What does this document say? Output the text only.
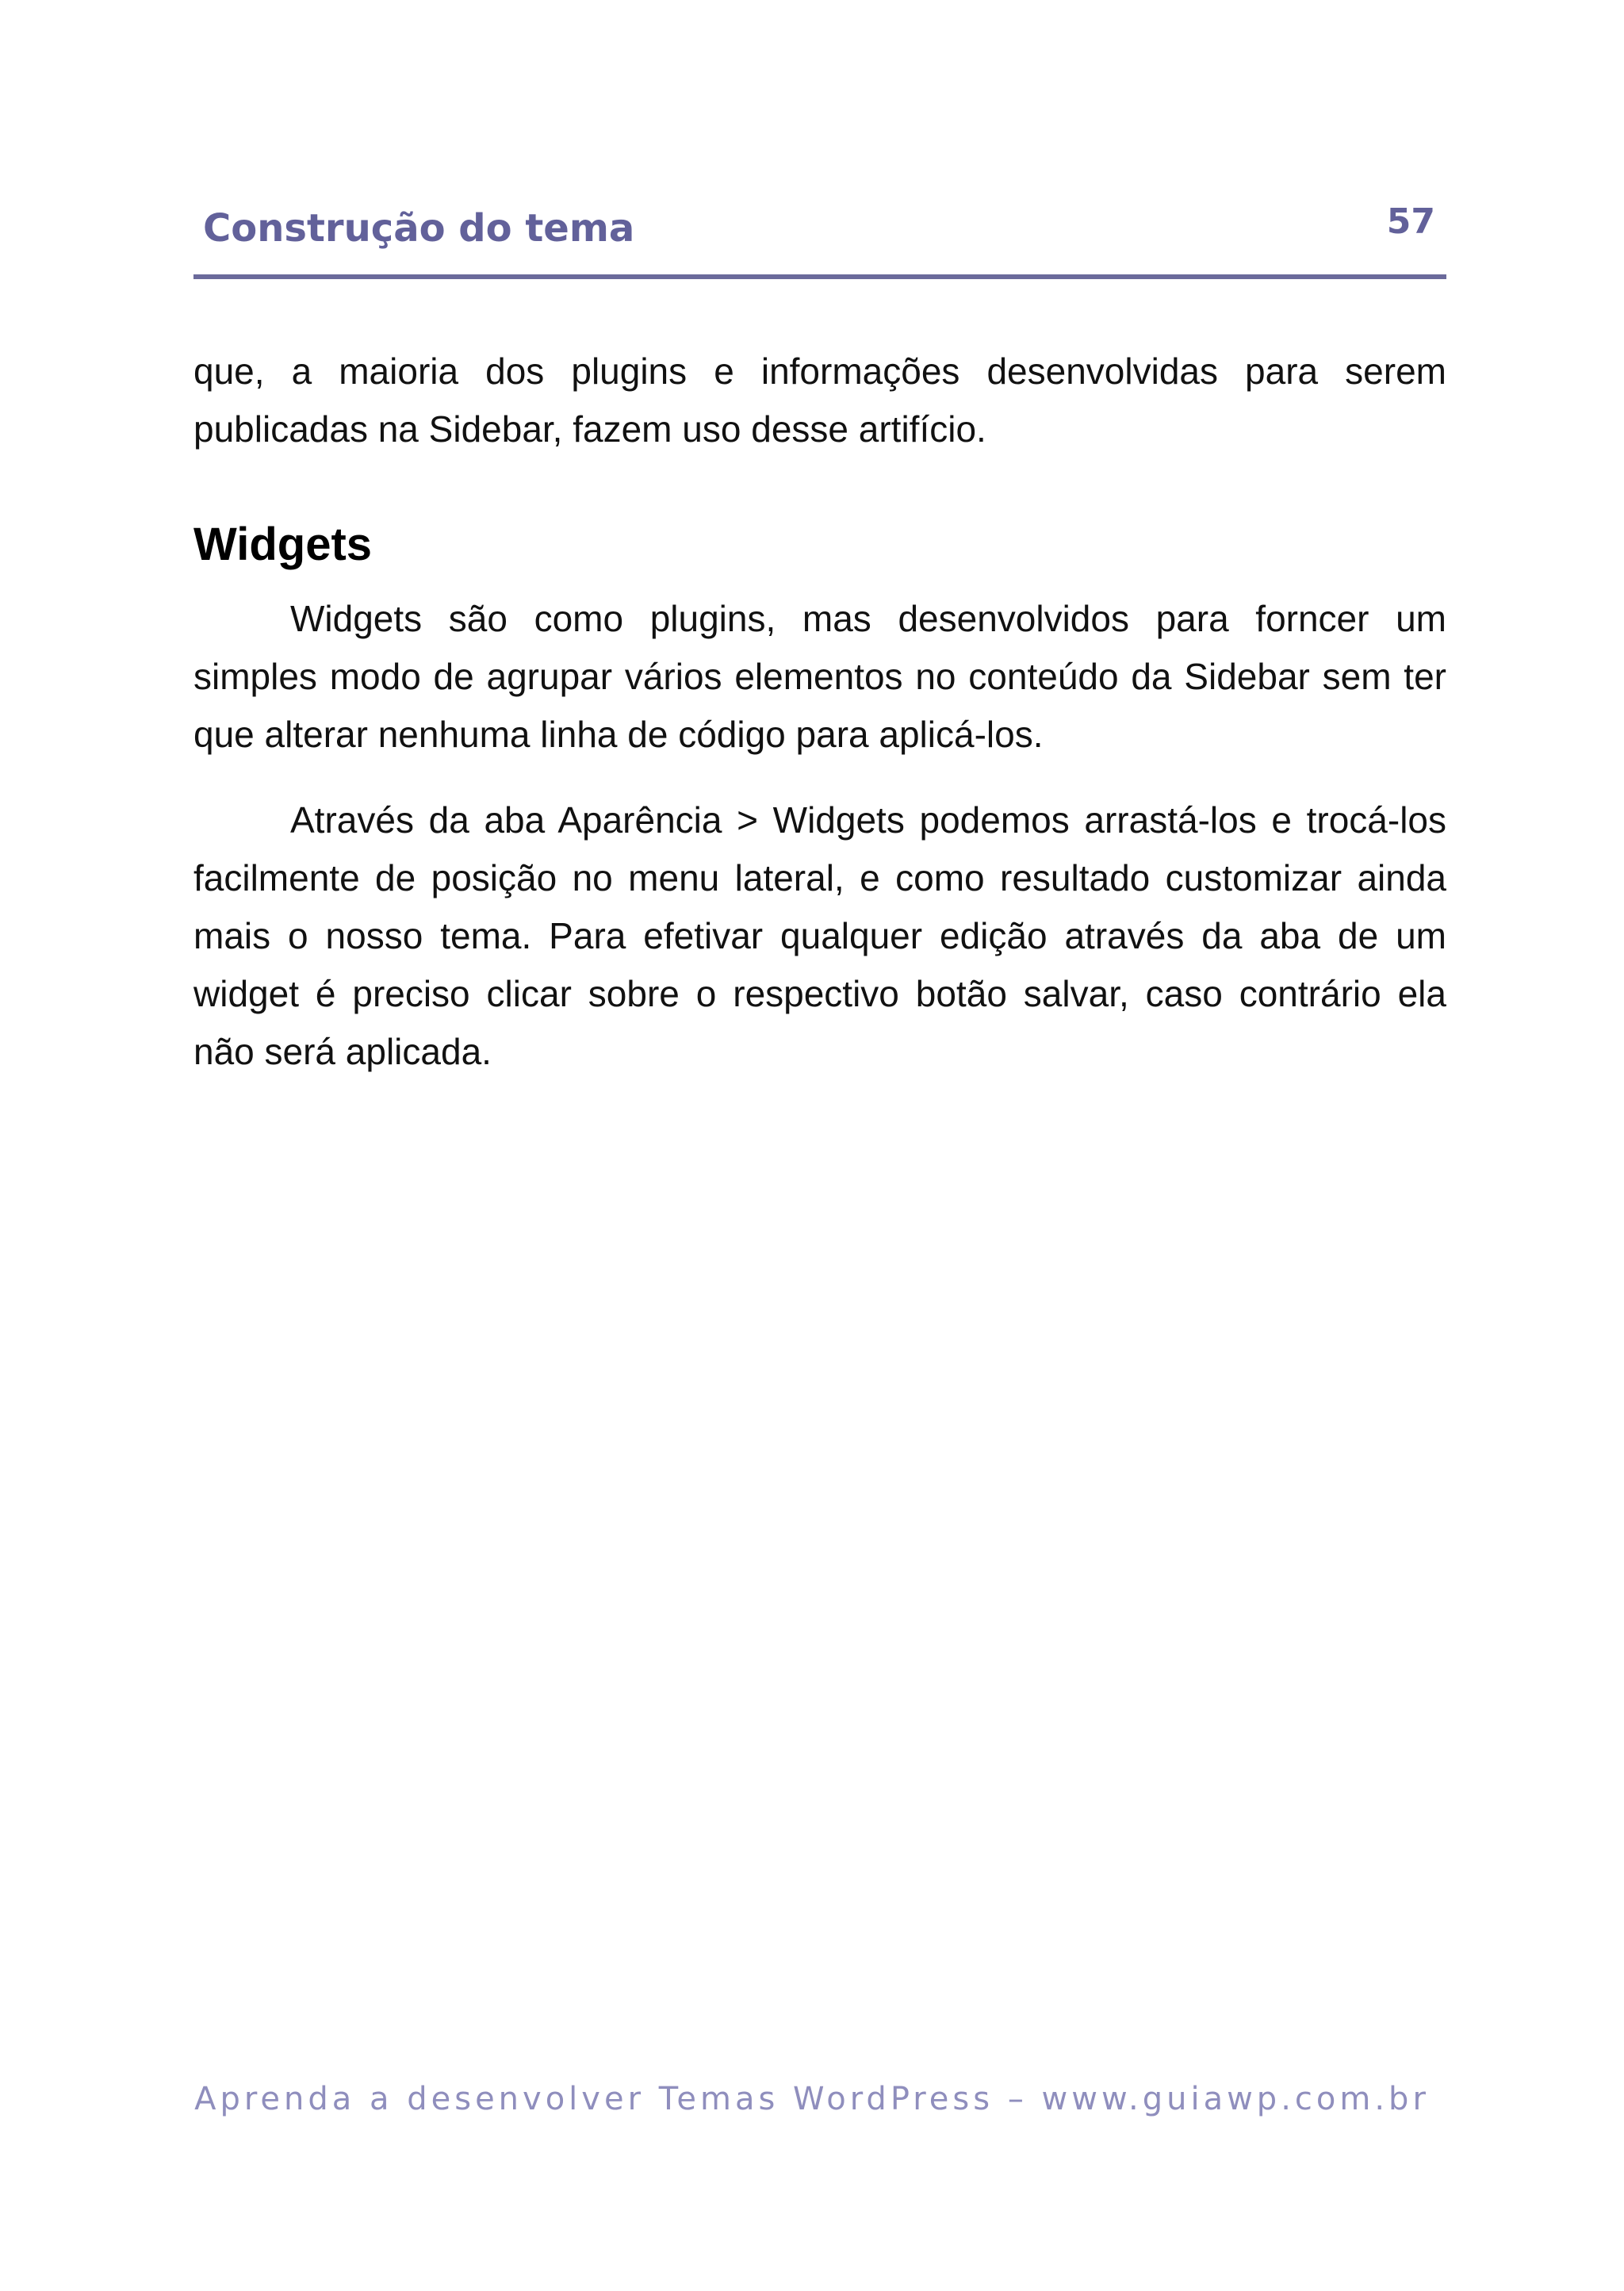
Construção do tema	57

que, a maioria dos plugins e informações desenvolvidas para serem publicadas na Sidebar, fazem uso desse artifício.

Widgets

Widgets são como plugins, mas desenvolvidos para forncer um simples modo de agrupar vários elementos no conteúdo da Sidebar sem ter que alterar nenhuma linha de código para aplicá-los.

Através da aba Aparência > Widgets podemos arrastá-los e trocá-los facilmente de posição no menu lateral, e como resultado customizar ainda mais o nosso tema. Para efetivar qualquer edição através da aba de um widget é preciso clicar sobre o respectivo botão salvar, caso contrário ela não será aplicada.

Aprenda a desenvolver Temas WordPress – www.guiawp.com.br
